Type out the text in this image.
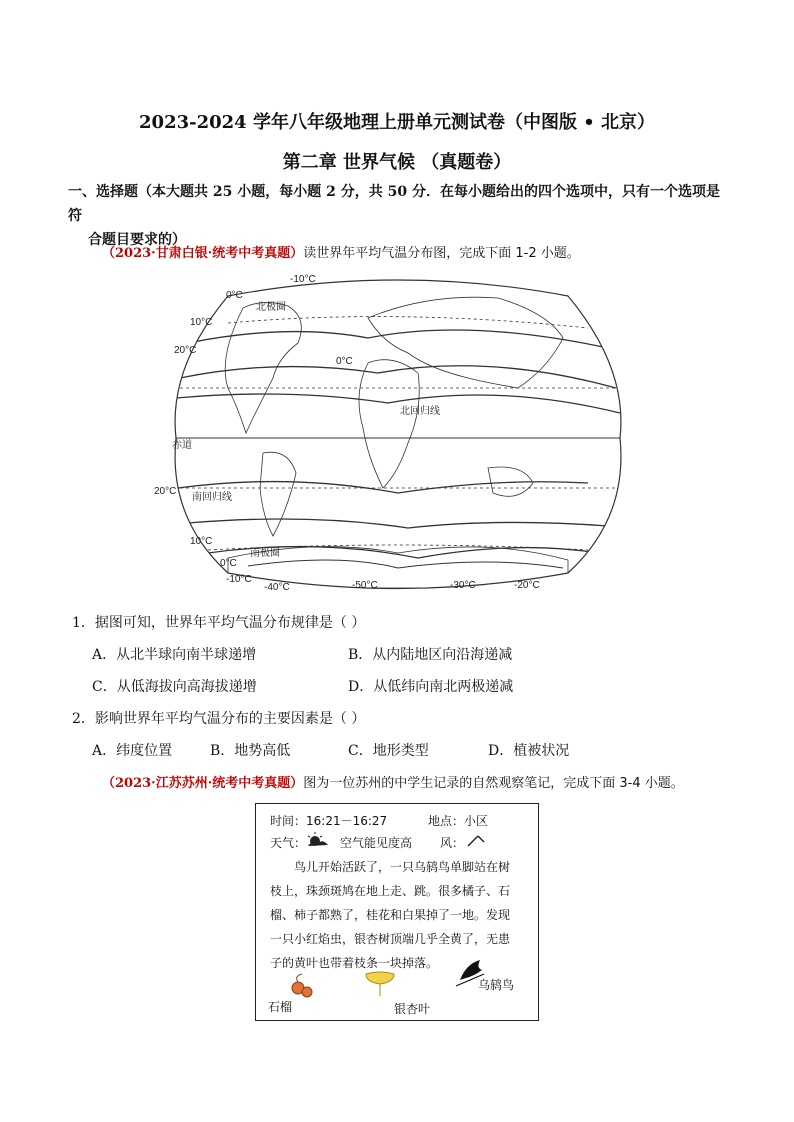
2023-2024 学年八年级地理上册单元测试卷（中图版 • 北京）
第二章 世界气候 （真题卷）
一、选择题（本大题共 25 小题，每小题 2 分，共 50 分．在每小题给出的四个选项中，只有一个选项是符
合题目要求的）
（2023·甘肃白银·统考中考真题）读世界年平均气温分布图，完成下面 1-2 小题。
-10°C
0°C
10°C
20°C
北极圈
北回归线
赤道
20°C
南回归线
10°C
南极圈
0°C
-10°C
-40°C	-50°C	-30°C	-20°C
0°C
1．据图可知，世界年平均气温分布规律是（ ）
A．从北半球向南半球递增	B．从内陆地区向沿海递减
C．从低海拔向高海拔递增	D．从低纬向南北两极递减
2．影响世界年平均气温分布的主要因素是（ ）
A．纬度位置	B．地势高低	C．地形类型	D．植被状况
（2023·江苏苏州·统考中考真题）图为一位苏州的中学生记录的自然观察笔记，完成下面 3-4 小题。
时间：16:21－16:27	地点：小区
天气：	空气能见度高 风：
鸟儿开始活跃了，一只乌鸫鸟单脚站在树
枝上，珠颈斑鸠在地上走、跳。很多橘子、石
榴、柿子都熟了，桂花和白果掉了一地。发现
一只小红焰虫，银杏树顶端几乎全黄了，无患
子的黄叶也带着枝条一块掉落。
石榴	银杏叶
乌鸫鸟
